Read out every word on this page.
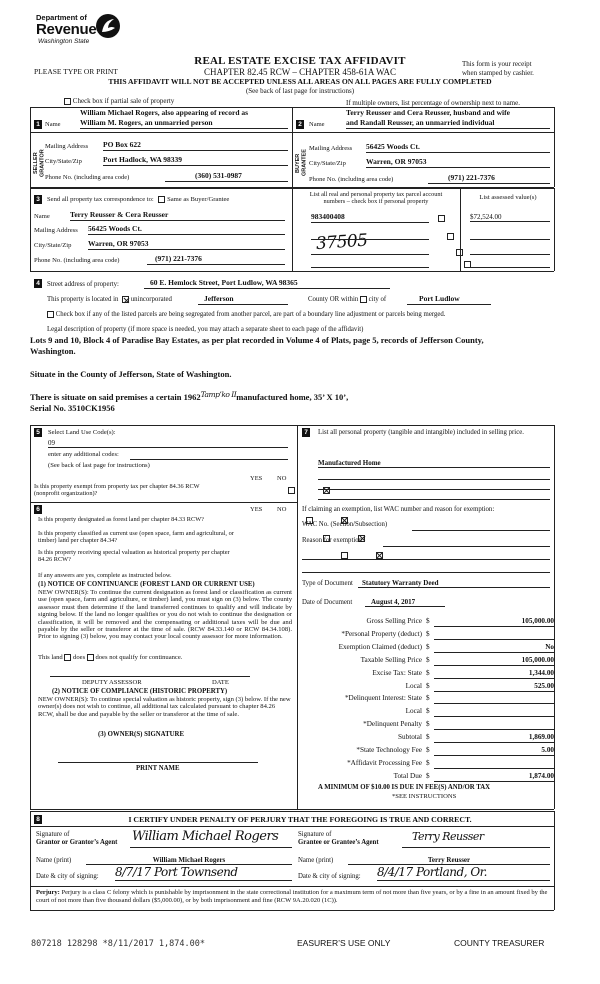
Department of
Revenue
Washington State
REAL ESTATE EXCISE TAX AFFIDAVIT
PLEASE TYPE OR PRINT	CHAPTER 82.45 RCW – CHAPTER 458-61A WAC
This form is your receipt
when stamped by cashier.
THIS AFFIDAVIT WILL NOT BE ACCEPTED UNLESS ALL AREAS ON ALL PAGES ARE FULLY COMPLETED
(See back of last page for instructions)
Check box if partial sale of property	If multiple owners, list percentage of ownership next to name.
1
SELLER GRANTOR
Name
William Michael Rogers, also appearing of record as
William M. Rogers, an unmarried person
Mailing Address PO Box 622
City/State/Zip	Port Hadlock, WA 98339
Phone No. (including area code)	(360) 531-0987
2
BUYER GRANTEE
Name
Terry Reusser and Cera Reusser, husband and wife
and Randall Reusser, an unmarried individual
Mailing Address 56425 Woods Ct.
City/State/Zip	Warren, OR 97053
Phone No. (including area code)	(971) 221-7376
3	Send all property tax correspondence to: Same as Buyer/Grantee
Name	Terry Reusser & Cera Reusser
Mailing Address 56425 Woods Ct.
City/State/Zip Warren, OR 97053
Phone No. (including area code)	(971) 221-7376
List all real and personal property tax parcel account
numbers – check box if personal property
List assessed value(s)
983400408
	$72,524.00
37505

4	Street address of property:	60 E. Hemlock Street, Port Ludlow, WA 98365
This property is located in unincorporated	Jefferson	County OR within city of	Port Ludlow
Check box if any of the listed parcels are being segregated from another parcel, are part of a boundary line adjustment or parcels being merged.
Legal description of property (if more space is needed, you may attach a separate sheet to each page of the affidavit)
Lots 9 and 10, Block 4 of Paradise Bay Estates, as per plat recorded in Volume 4 of Plats, page 5, records of Jefferson County,
Washington.
Situate in the County of Jefferson, State of Washington.
There is situate on said premises a certain 1962Tamp’ko IImanufactured home, 35’ X 10’,
Serial No. 3510CK1956
5	Select Land Use Code(s):
09
enter any additional codes:
(See back of last page for instructions)
YES NO
Is this property exempt from property tax per chapter 84.36 RCW (nonprofit organization)?

6	YES NO
Is this property designated as forest land per chapter 84.33 RCW?

Is this property classified as current use (open space, farm and agricultural, or timber) land per chapter 84.34?

Is this property receiving special valuation as historical property per chapter 84.26 RCW?

If any answers are yes, complete as instructed below.
(1) NOTICE OF CONTINUANCE (FOREST LAND OR CURRENT USE)
NEW OWNER(S): To continue the current designation as forest land or classification as current use (open space, farm and agriculture, or timber) land, you must sign on (3) below. The county assessor must then determine if the land transferred continues to qualify and will indicate by signing below. If the land no longer qualifies or you do not wish to continue the designation or classification, it will be removed and the compensating or additional taxes will be due and payable by the seller or transferor at the time of sale. (RCW 84.33.140 or RCW 84.34.108). Prior to signing (3) below, you may contact your local county assessor for more information.
This land does does not qualify for continuance.
DEPUTY ASSESSOR	DATE
(2) NOTICE OF COMPLIANCE (HISTORIC PROPERTY)
NEW OWNER(S): To continue special valuation as historic property, sign (3) below. If the new owner(s) does not wish to continue, all additional tax calculated pursuant to chapter 84.26 RCW, shall be due and payable by the seller or transferor at the time of sale.
(3) OWNER(S) SIGNATURE
PRINT NAME
7	List all personal property (tangible and intangible) included in selling price.
Manufactured Home
If claiming an exemption, list WAC number and reason for exemption:
WAC No. (Section/Subsection)
Reason for exemption
Type of Document	Statutory Warranty Deed
Date of Document	August 4, 2017
Gross Selling Price $	105,000.00
*Personal Property (deduct) $
Exemption Claimed (deduct) $	No
Taxable Selling Price $	105,000.00
Excise Tax: State $	1,344.00
Local $	525.00
*Delinquent Interest: State $
Local $
*Delinquent Penalty $
Subtotal $	1,869.00
*State Technology Fee $	5.00
*Affidavit Processing Fee $
Total Due $	1,874.00
A MINIMUM OF $10.00 IS DUE IN FEE(S) AND/OR TAX
*SEE INSTRUCTIONS
8	I CERTIFY UNDER PENALTY OF PERJURY THAT THE FOREGOING IS TRUE AND CORRECT.
Signature of
Grantor or Grantor’s Agent William Michael Rogers
Name (print)	William Michael Rogers
Date & city of signing: 8/7/17 Port Townsend
Signature of
Grantee or Grantee’s Agent	Terry Reusser
Name (print)	Terry Reusser
Date & city of signing: 8/4/17 Portland, Or.
Perjury: Perjury is a class C felony which is punishable by imprisonment in the state correctional institution for a maximum term of not more than five years, or by a fine in an amount fixed by the court of not more than five thousand dollars ($5,000.00), or by both imprisonment and fine (RCW 9A.20.020 (1C)).
807218 128298 *8/11/2017 1,874.00*	EASURER’S USE ONLY	COUNTY TREASURER
